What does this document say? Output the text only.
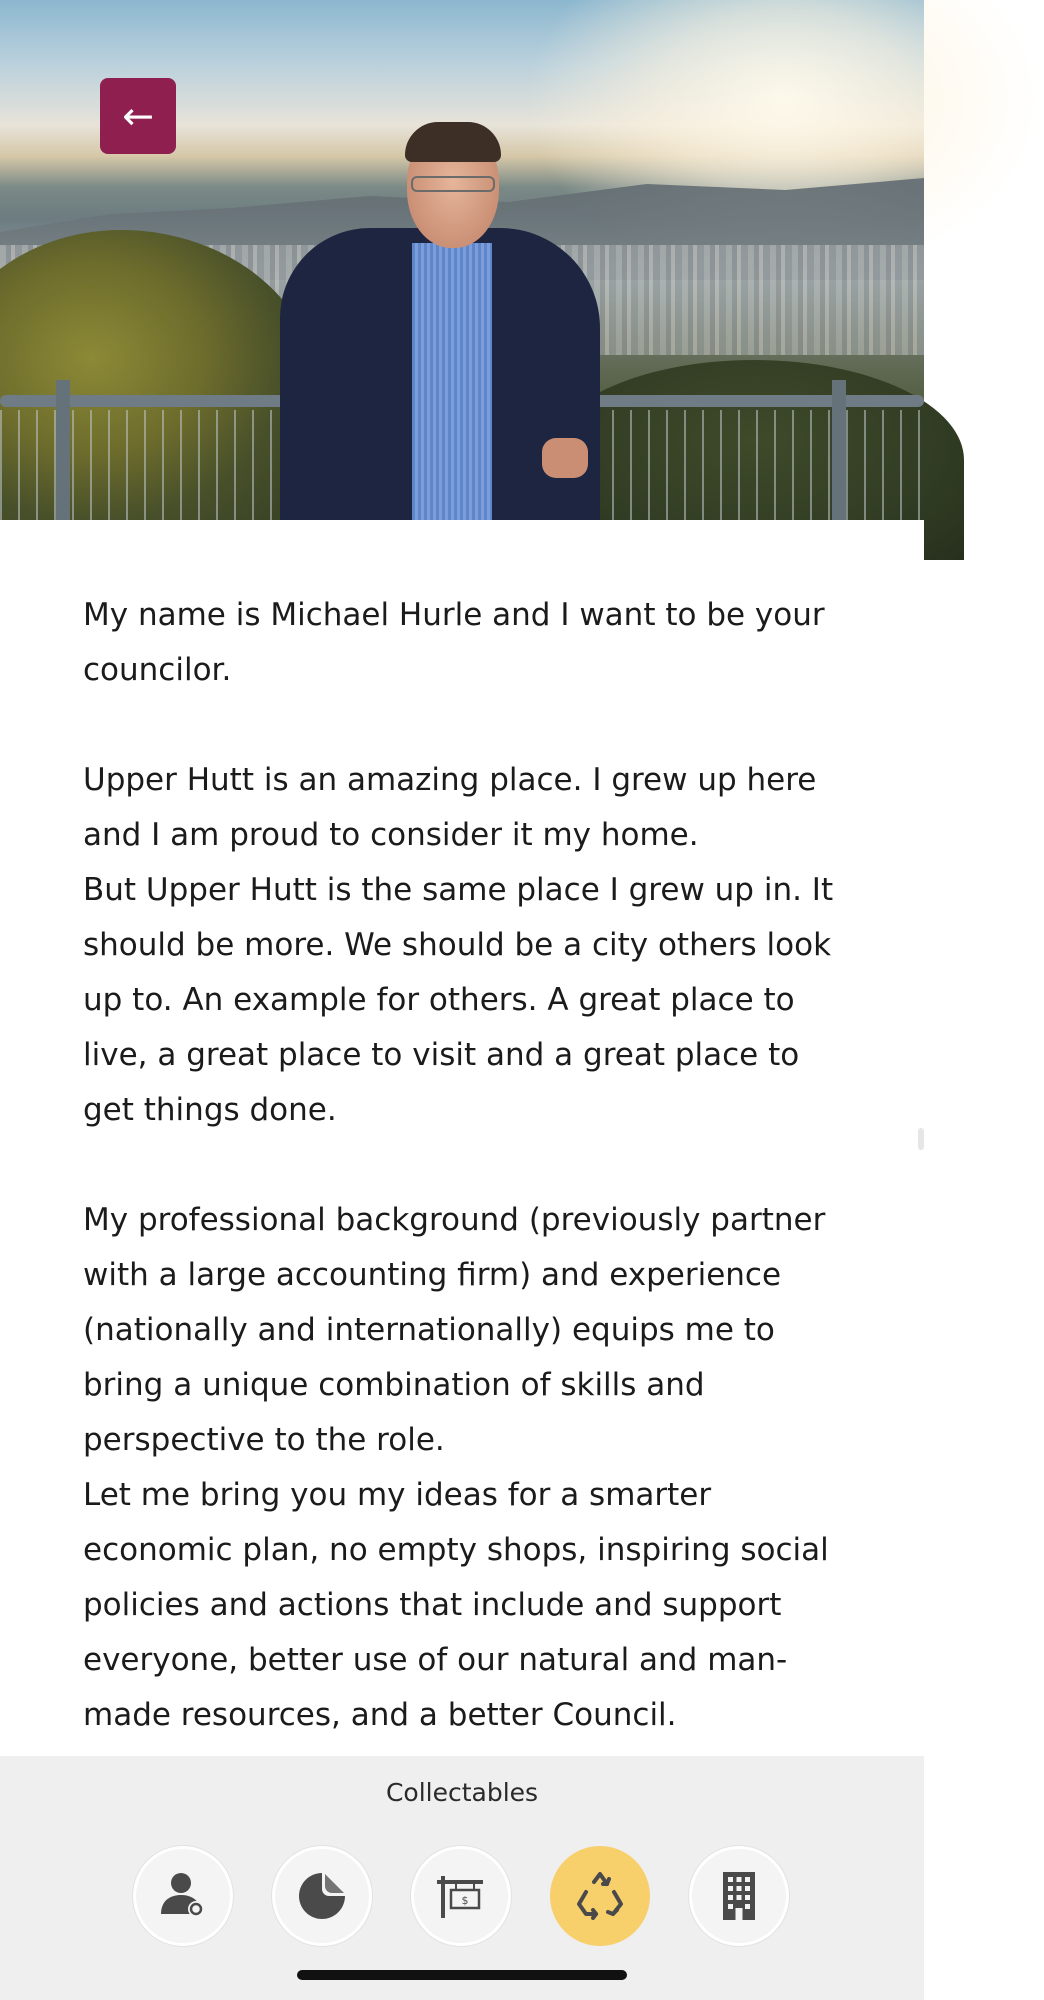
←

My name is Michael Hurle and I want to be your councilor.

Upper Hutt is an amazing place. I grew up here and I am proud to consider it my home.

But Upper Hutt is the same place I grew up in. It should be more. We should be a city others look up to. An example for others. A great place to live, a great place to visit and a great place to get things done.

My professional background (previously partner with a large accounting firm) and experience (nationally and internationally) equips me to bring a unique combination of skills and perspective to the role.

Let me bring you my ideas for a smarter economic plan, no empty shops, inspiring social policies and actions that include and support everyone, better use of our natural and man-made resources, and a better Council.

Collectables
$
